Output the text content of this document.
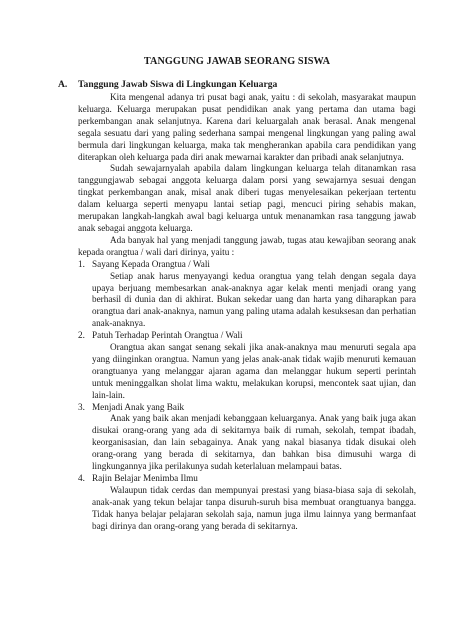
TANGGUNG JAWAB SEORANG SISWA
A.	Tanggung Jawab Siswa di Lingkungan Keluarga

Kita mengenal adanya tri pusat bagi anak, yaitu : di sekolah, masyarakat maupun keluarga. Keluarga merupakan pusat pendidikan anak yang pertama dan utama bagi perkembangan anak selanjutnya. Karena dari keluargalah anak berasal. Anak mengenal segala sesuatu dari yang paling sederhana sampai mengenal lingkungan yang paling awal bermula dari lingkungan keluarga, maka tak mengherankan apabila cara pendidikan yang diterapkan oleh keluarga pada diri anak mewarnai karakter dan pribadi anak selanjutnya.

Sudah sewajarnyalah apabila dalam lingkungan keluarga telah ditanamkan rasa tanggungjawab sebagai anggota keluarga dalam porsi yang sewajarnya sesuai dengan tingkat perkembangan anak, misal anak diberi tugas menyelesaikan pekerjaan tertentu dalam keluarga seperti menyapu lantai setiap pagi, mencuci piring sehabis makan, merupakan langkah-langkah awal bagi keluarga untuk menanamkan rasa tanggung jawab anak sebagai anggota keluarga.

Ada banyak hal yang menjadi tanggung jawab, tugas atau kewajiban seorang anak kepada orangtua / wali dari dirinya, yaitu :

1. Sayang Kepada Orangtua / Wali

Setiap anak harus menyayangi kedua orangtua yang telah dengan segala daya upaya berjuang membesarkan anak-anaknya agar kelak menti menjadi orang yang berhasil di dunia dan di akhirat. Bukan sekedar uang dan harta yang diharapkan para orangtua dari anak-anaknya, namun yang paling utama adalah kesuksesan dan perhatian anak-anaknya.

2. Patuh Terhadap Perintah Orangtua / Wali

Orangtua akan sangat senang sekali jika anak-anaknya mau menuruti segala apa yang diinginkan orangtua. Namun yang jelas anak-anak tidak wajib menuruti kemauan orangtuanya yang melanggar ajaran agama dan melanggar hukum seperti perintah untuk meninggalkan sholat lima waktu, melakukan korupsi, mencontek saat ujian, dan lain-lain.

3. Menjadi Anak yang Baik

Anak yang baik akan menjadi kebanggaan keluarganya. Anak yang baik juga akan disukai orang-orang yang ada di sekitarnya baik di rumah, sekolah, tempat ibadah, keorganisasian, dan lain sebagainya. Anak yang nakal biasanya tidak disukai oleh orang-orang yang berada di sekitarnya, dan bahkan bisa dimusuhi warga di lingkungannya jika perilakunya sudah keterlaluan melampaui batas.

4. Rajin Belajar Menimba Ilmu

Walaupun tidak cerdas dan mempunyai prestasi yang biasa-biasa saja di sekolah, anak-anak yang tekun belajar tanpa disuruh-suruh bisa membuat orangtuanya bangga. Tidak hanya belajar pelajaran sekolah saja, namun juga ilmu lainnya yang bermanfaat bagi dirinya dan orang-orang yang berada di sekitarnya.
